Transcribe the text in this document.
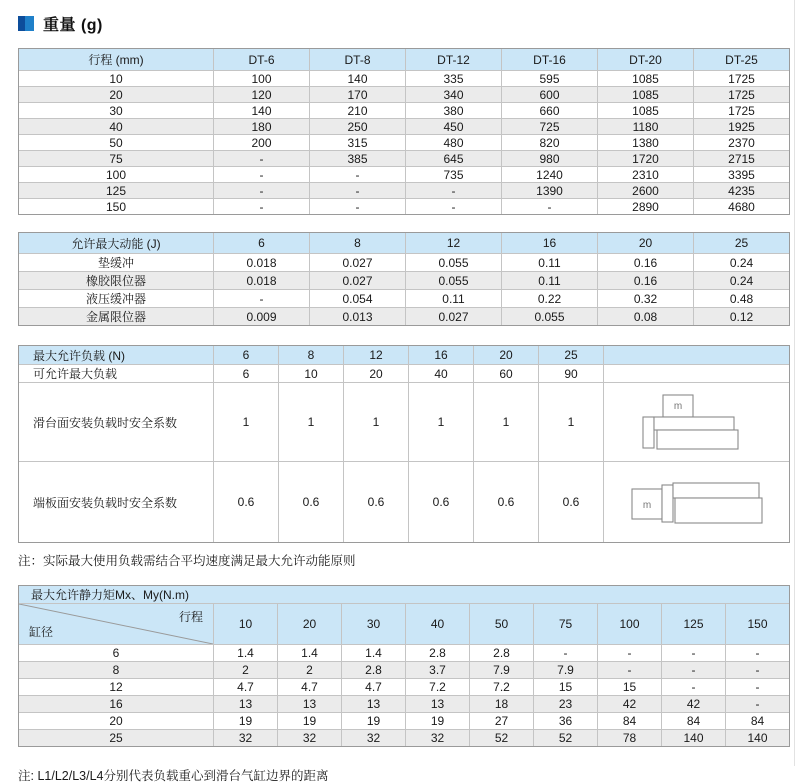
重量 (g)
行程 (mm)	DT-6	DT-8	DT-12	DT-16	DT-20	DT-25
10	100	140	335	595	1085	1725
20	120	170	340	600	1085	1725
30	140	210	380	660	1085	1725
40	180	250	450	725	1180	1925
50	200	315	480	820	1380	2370
75	-	385	645	980	1720	2715
100	-	-	735	1240	2310	3395
125	-	-	-	1390	2600	4235
150	-	-	-	-	2890	4680
允许最大动能 (J)	6	8	12	16	20	25
垫缓冲	0.018	0.027	0.055	0.11	0.16	0.24
橡胶限位器	0.018	0.027	0.055	0.11	0.16	0.24
液压缓冲器	-	0.054	0.11	0.22	0.32	0.48
金属限位器	0.009	0.013	0.027	0.055	0.08	0.12
最大允许负载 (N)	6	8	12	16	20	25	
可允许最大负载	6	10	20	40	60	90	
滑台面安装负载时安全系数	1	1	1	1	1	1	m

端板面安装负载时安全系数	0.6	0.6	0.6	0.6	0.6	0.6	m
注：实际最大使用负载需结合平均速度满足最大允许动能原则
最大允许静力矩Mx、My(N.m)									

行程
缸径	10	20	30	40	50	75	100	125	150
6	1.4	1.4	1.4	2.8	2.8	-	-	-	-
8	2	2	2.8	3.7	7.9	7.9	-	-	-
12	4.7	4.7	4.7	7.2	7.2	15	15	-	-
16	13	13	13	13	18	23	42	42	-
20	19	19	19	19	27	36	84	84	84
25	32	32	32	32	52	52	78	140	140
注: L1/L2/L3/L4分别代表负载重心到滑台气缸边界的距离
